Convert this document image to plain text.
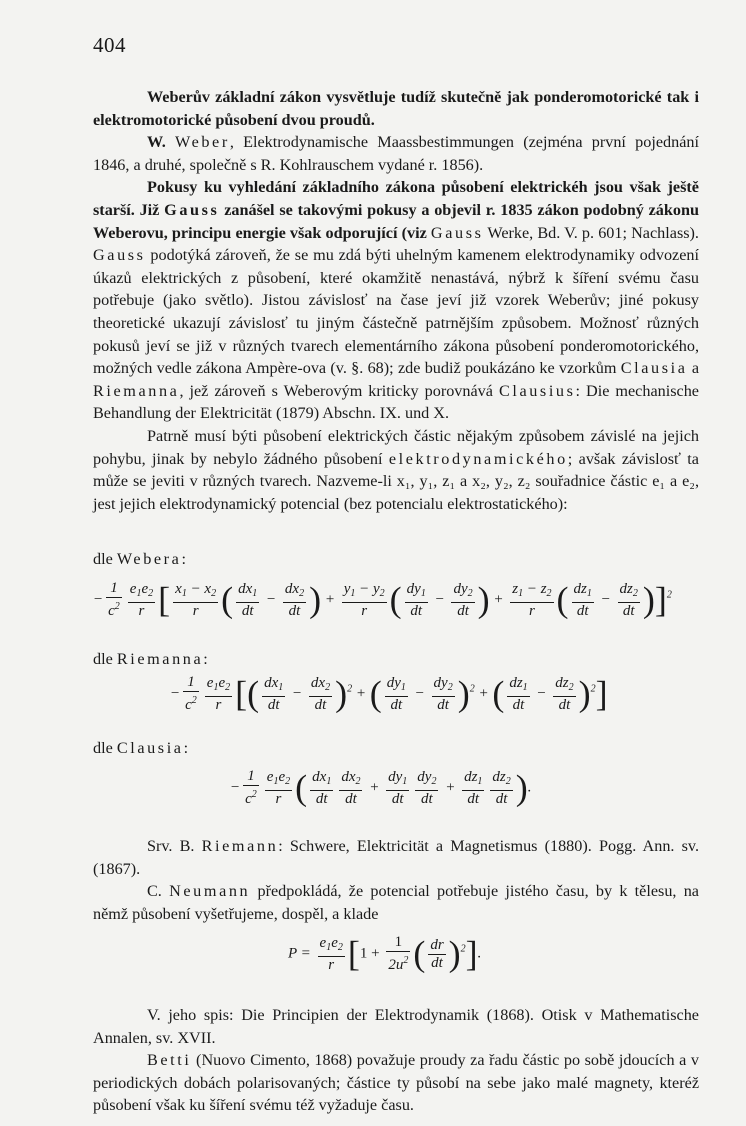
404

Weberův základní zákon vysvětluje tudíž skutečně jak ponderomotorické tak i elektromotorické působení dvou proudů.

W. Weber, Elektrodynamische Maassbestimmungen (zejména první pojednání 1846, a druhé, společně s R. Kohlrauschem vydané r. 1856).

Pokusy ku vyhledání základního zákona působení elektrickéh jsou však ještě starší. Již Gauss zanášel se takovými pokusy a objevil r. 1835 zákon podobný zákonu Weberovu, principu energie však odporující (viz Gauss Werke, Bd. V. p. 601; Nachlass). Gauss podotýká zároveň, že se mu zdá býti uhelným kamenem elektrodynamiky odvození úkazů elektrických z působení, které okamžitě nenastává, nýbrž k šíření svému času potřebuje (jako světlo). Jistou závislosť na čase jeví již vzorek Weberův; jiné pokusy theoretické ukazují závislosť tu jiným částečně patrnějším způsobem. Možnosť různých pokusů jeví se již v různých tvarech elementárního zákona působení ponderomotorického, možných vedle zákona Ampère-ova (v. §. 68); zde budiž poukázáno ke vzorkům Clausia a Riemanna, jež zároveň s Weberovým kriticky porovnává Clausius: Die mechanische Behandlung der Elektricität (1879) Abschn. IX. und X.

Patrně musí býti působení elektrických částic nějakým způsobem závislé na jejich pohybu, jinak by nebylo žádného působení elektrodynamického; avšak závislosť ta může se jeviti v různých tvarech. Nazveme-li x₁, y₁, z₁ a x₂, y₂, z₂ souřadnice částic e₁ a e₂, jest jejich elektrodynamický potencial (bez potencialu elektrostatického):

dle Webera:
− $\frac{1}{c^2} \frac{e_1e_2}{r}$ [ $\frac{x_1 - x_2}{r}$ ( $\frac{dx_1}{dt} - \frac{dx_2}{dt}$ ) + $\frac{y_1 - y_2}{r}$ ( $\frac{dy_1}{dt} - \frac{dy_2}{dt}$ ) + $\frac{z_1 - z_2}{r}$ ( $\frac{dz_1}{dt} - \frac{dz_2}{dt} )]^2$
dle Riemanna:
− $\frac{1}{c^2} \frac{e_1e_2}{r}$ [( $\frac{dx_1}{dt} - \frac{dx_2}{dt} )^2$ + ( $\frac{dy_1}{dt} - \frac{dy_2}{dt} )^2$ + ( $\frac{dz_1}{dt} - \frac{dz_2}{dt} )^2$]
dle Clausia:
− $\frac{1}{c^2} \frac{e_1e_2}{r}$ ( $\frac{dx_1}{dt} \frac{dx_2}{dt} + \frac{dy_1}{dt} \frac{dy_2}{dt} + \frac{dz_1}{dt} \frac{dz_2}{dt}$ ).

Srv. B. Riemann: Schwere, Elektricität a Magnetismus (1880). Pogg. Ann. sv. (1867).

C. Neumann předpokládá, že potencial potřebuje jistého času, by k tělesu, na němž působení vyšetřujeme, dospěl, a klade

$P = \frac{e_1e_2}{r} [1 + \frac{1}{2u^2}$ ( $\frac{dr}{dt} )^2$].

V. jeho spis: Die Principien der Elektrodynamik (1868). Otisk v Mathematische Annalen, sv. XVII.

Betti (Nuovo Cimento, 1868) považuje proudy za řadu částic po sobě jdoucích a v periodických dobách polarisovaných; částice ty působí na sebe jako malé magnety, kteréž působení však ku šíření svému též vyžaduje času.
